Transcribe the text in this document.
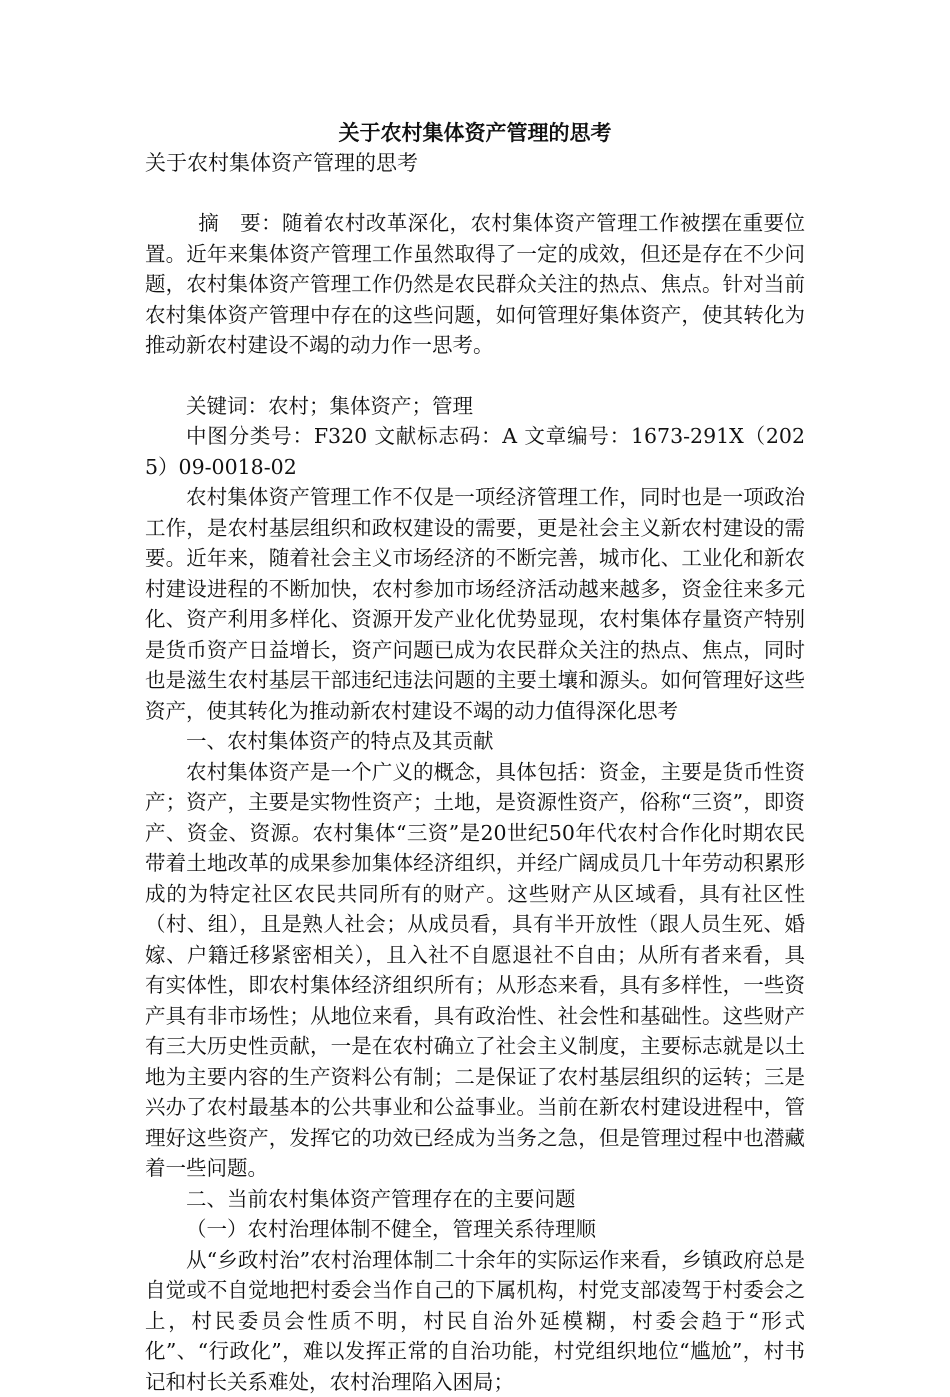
关于农村集体资产管理的思考
关于农村集体资产管理的思考

摘　要：随着农村改革深化，农村集体资产管理工作被摆在重要位置。近年来集体资产管理工作虽然取得了一定的成效，但还是存在不少问题，农村集体资产管理工作仍然是农民群众关注的热点、焦点。针对当前农村集体资产管理中存在的这些问题，如何管理好集体资产，使其转化为推动新农村建设不竭的动力作一思考。

关键词：农村；集体资产；管理

中图分类号：F320 文献标志码：A 文章编号：1673-291X（2025）09-0018-02

农村集体资产管理工作不仅是一项经济管理工作，同时也是一项政治工作，是农村基层组织和政权建设的需要，更是社会主义新农村建设的需要。近年来，随着社会主义市场经济的不断完善，城市化、工业化和新农村建设进程的不断加快，农村参加市场经济活动越来越多，资金往来多元化、资产利用多样化、资源开发产业化优势显现，农村集体存量资产特别是货币资产日益增长，资产问题已成为农民群众关注的热点、焦点，同时也是滋生农村基层干部违纪违法问题的主要土壤和源头。如何管理好这些资产，使其转化为推动新农村建设不竭的动力值得深化思考

一、农村集体资产的特点及其贡献

农村集体资产是一个广义的概念，具体包括：资金，主要是货币性资产；资产，主要是实物性资产；土地，是资源性资产，俗称“三资”，即资产、资金、资源。农村集体“三资”是20世纪50年代农村合作化时期农民带着土地改革的成果参加集体经济组织，并经广阔成员几十年劳动积累形成的为特定社区农民共同所有的财产。这些财产从区域看，具有社区性（村、组），且是熟人社会；从成员看，具有半开放性（跟人员生死、婚嫁、户籍迁移紧密相关），且入社不自愿退社不自由；从所有者来看，具有实体性，即农村集体经济组织所有；从形态来看，具有多样性，一些资产具有非市场性；从地位来看，具有政治性、社会性和基础性。这些财产有三大历史性贡献，一是在农村确立了社会主义制度，主要标志就是以土地为主要内容的生产资料公有制；二是保证了农村基层组织的运转；三是兴办了农村最基本的公共事业和公益事业。当前在新农村建设进程中，管理好这些资产，发挥它的功效已经成为当务之急，但是管理过程中也潜藏着一些问题。

二、当前农村集体资产管理存在的主要问题

（一）农村治理体制不健全，管理关系待理顺

从“乡政村治”农村治理体制二十余年的实际运作来看，乡镇政府总是自觉或不自觉地把村委会当作自己的下属机构，村党支部凌驾于村委会之上，村民委员会性质不明，村民自治外延模糊，村委会趋于“形式化”、“行政化”，难以发挥正常的自治功能，村党组织地位“尴尬”，村书记和村长关系难处，农村治理陷入困局；
